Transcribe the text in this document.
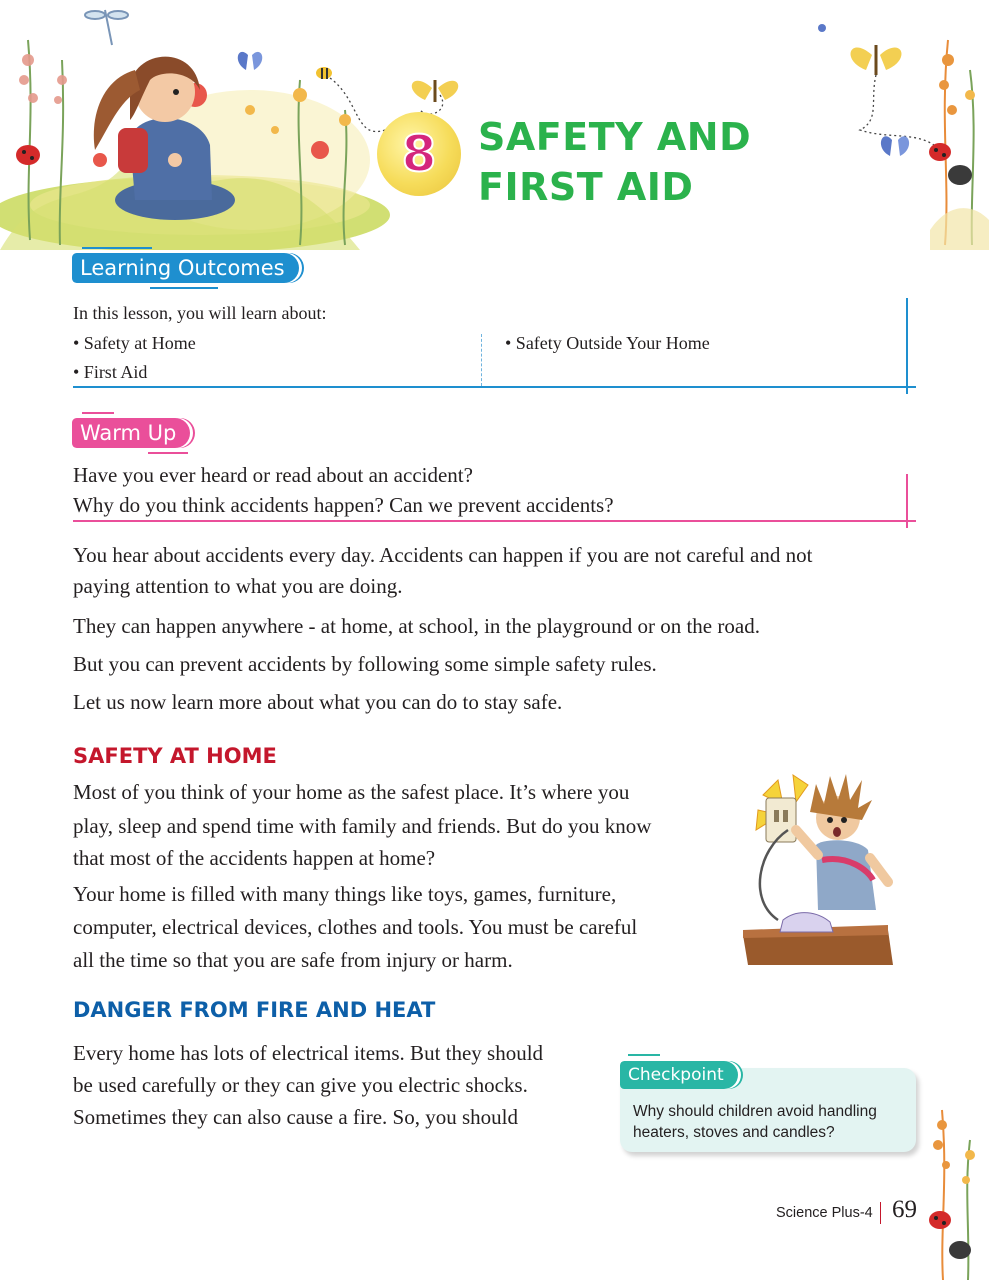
8 SAFETY AND
FIRST AID
Learning Outcomes
In this lesson, you will learn about:
• Safety at Home
• First Aid
• Safety Outside Your Home
Warm Up
Have you ever heard or read about an accident?
Why do you think accidents happen? Can we prevent accidents?
You hear about accidents every day. Accidents can happen if you are not careful and not
paying attention to what you are doing.
They can happen anywhere - at home, at school, in the playground or on the road.
But you can prevent accidents by following some simple safety rules.
Let us now learn more about what you can do to stay safe.
SAFETY AT HOME
Most of you think of your home as the safest place. It’s where you
play, sleep and spend time with family and friends. But do you know
that most of the accidents happen at home?
Your home is filled with many things like toys, games, furniture,
computer, electrical devices, clothes and tools. You must be careful
all the time so that you are safe from injury or harm.
DANGER FROM FIRE AND HEAT
Every home has lots of electrical items. But they should
be used carefully or they can give you electric shocks.
Sometimes they can also cause a fire. So, you should
Checkpoint
Why should children avoid handling heaters, stoves and candles?
Science Plus-4 69
